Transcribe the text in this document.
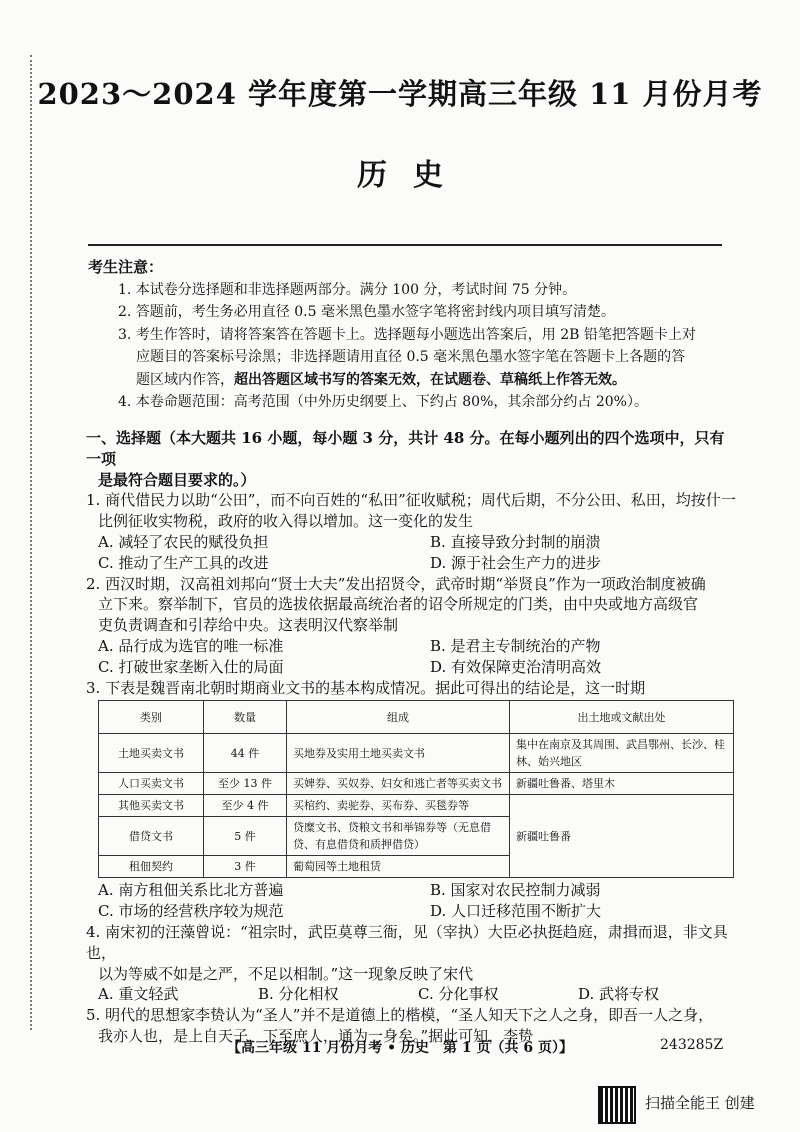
2023～2024 学年度第一学期高三年级 11 月份月考
历史
考生注意：

1. 本试卷分选择题和非选择题两部分。满分 100 分，考试时间 75 分钟。

2. 答题前，考生务必用直径 0.5 毫米黑色墨水签字笔将密封线内项目填写清楚。

3. 考生作答时，请将答案答在答题卡上。选择题每小题选出答案后，用 2B 铅笔把答题卡上对

应题目的答案标号涂黑；非选择题请用直径 0.5 毫米黑色墨水签字笔在答题卡上各题的答

题区域内作答，超出答题区域书写的答案无效，在试题卷、草稿纸上作答无效。

4. 本卷命题范围：高考范围（中外历史纲要上、下约占 80%，其余部分约占 20%）。

一、选择题（本大题共 16 小题，每小题 3 分，共计 48 分。在每小题列出的四个选项中，只有一项

是最符合题目要求的。）

1. 商代借民力以助“公田”，而不向百姓的“私田”征收赋税；周代后期，不分公田、私田，均按什一

比例征收实物税，政府的收入得以增加。这一变化的发生

A. 减轻了农民的赋役负担	B. 直接导致分封制的崩溃
C. 推动了生产工具的改进	D. 源于社会生产力的进步

2. 西汉时期，汉高祖刘邦向“贤士大夫”发出招贤令，武帝时期“举贤良”作为一项政治制度被确

立下来。察举制下，官员的选拔依据最高统治者的诏令所规定的门类，由中央或地方高级官

吏负责调查和引荐给中央。这表明汉代察举制

A. 品行成为选官的唯一标准	B. 是君主专制统治的产物
C. 打破世家垄断入仕的局面	D. 有效保障吏治清明高效

3. 下表是魏晋南北朝时期商业文书的基本构成情况。据此可得出的结论是，这一时期

类别	数量	组成	出土地或文献出处
土地买卖文书	44 件	买地券及实用土地买卖文书	集中在南京及其周围、武昌鄂州、长沙、桂林、始兴地区
人口买卖文书	至少 13 件	买婢券、买奴券、妇女和逃亡者等买卖文书	新疆吐鲁番、塔里木
其他买卖文书	至少 4 件	买棺约、卖驼券、买布券、买毯券等	新疆吐鲁番
借贷文书	5 件	贷糜文书、贷粮文书和举锦券等（无息借贷、有息借贷和质押借贷）	
租佃契约	3 件	葡萄园等土地租赁	
A. 南方租佃关系比北方普遍	B. 国家对农民控制力减弱
C. 市场的经营秩序较为规范	D. 人口迁移范围不断扩大

4. 南宋初的汪藻曾说：“祖宗时，武臣莫尊三衙，见（宰执）大臣必执挺趋庭，肃揖而退，非文具也，

以为等威不如是之严，不足以相制。”这一现象反映了宋代

A. 重文轻武	B. 分化相权	C. 分化事权	D. 武将专权

5. 明代的思想家李贽认为“圣人”并不是道德上的楷模，“圣人知天下之人之身，即吾一人之身，

我亦人也，是上自天子，下至庶人，通为一身矣。”据此可知，李贽

【高三年级 11 月份月考 • 历史　第 1 页（共 6 页）】	243285Z
扫描全能王 创建
